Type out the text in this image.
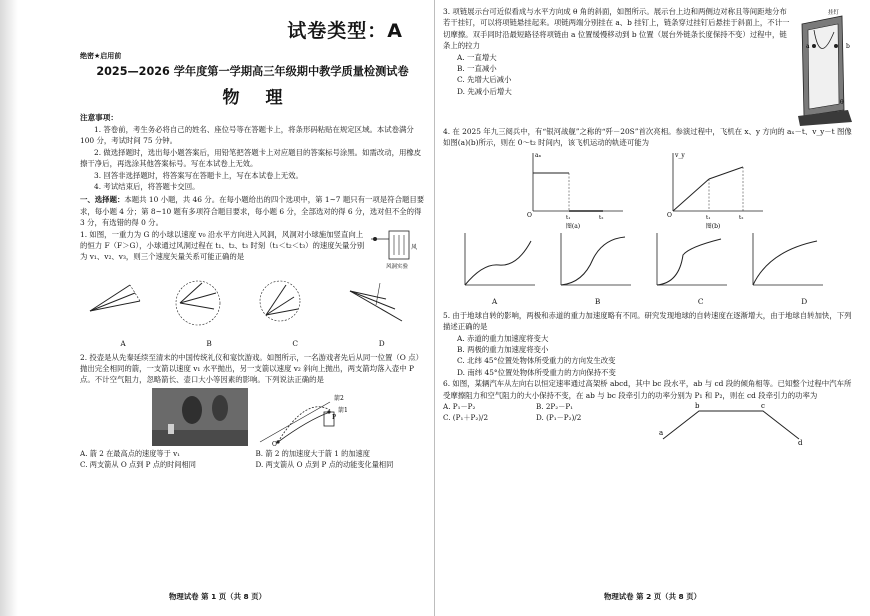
试卷类型：A
绝密★启用前
2025—2026 学年度第一学期高三年级期中教学质量检测试卷
物理
注意事项：

1. 答卷前，考生务必将自己的姓名、座位号等在答题卡上，将条形码粘贴在规定区域。本试卷满分 100 分，考试时间 75 分钟。

2. 做选择题时，选出每小题答案后，用铅笔把答题卡上对应题目的答案标号涂黑。如需改动，用橡皮擦干净后，再选涂其他答案标号。写在本试卷上无效。

3. 回答非选择题时，将答案写在答题卡上，写在本试卷上无效。

4. 考试结束后，将答题卡交回。

一、选择题：本题共 10 小题，共 46 分。在每小题给出的四个选项中，第 1~7 题只有一项是符合题目要求，每小题 4 分；第 8~10 题有多项符合题目要求，每小题 6 分，全部选对的得 6 分，选对但不全的得 3 分，有选错的得 0 分。

1. 如图，一重力为 G 的小球以速度 v₀ 沿水平方向进入风洞，风洞对小球施加竖直向上的恒力 F（F＞G），小球通过风洞过程在 t₁、t₂、t₃ 时刻（t₁＜t₂＜t₃）的速度矢量分别为 v₁、v₂、v₃，则三个速度矢量关系可能正确的是

风
风洞实验
A	B	C	D

2. 投壶是从先秦延续至清末的中国传统礼仪和宴饮游戏。如图所示，一名游戏者先后从同一位置（O 点）抛出完全相同的箭，一支箭以速度 v₁ 水平抛出，另一支箭以速度 v₂ 斜向上抛出，两支箭均落入壶中 P 点。不计空气阻力，忽略箭长、壶口大小等因素的影响。下列说法正确的是

O
P
箭2
箭1
A. 箭 2 在最高点的速度等于 v₁	B. 箭 2 的加速度大于箭 1 的加速度
C. 两支箭从 O 点到 P 点的时间相同	D. 两支箭从 O 点到 P 点的动能变化量相同
物理试卷 第 1 页（共 8 页）

3. 项链展示台可近似看成与水平方向成 θ 角的斜面，如图所示。展示台上边和两侧边对称且等间距地分布若干挂钉，可以将项链悬挂起来。项链两端分别挂在 a、b 挂钉上，链条穿过挂钉后悬挂于斜面上，不计一切摩擦。双手同时沿最短路径将项链由 a 位置缓慢移动到 b 位置（展台外链条长度保持不变）过程中，链条上的拉力

A. 一直增大

B. 一直减小

C. 先增大后减小

D. 先减小后增大

a	b
θ
挂钉

4. 在 2025 年九三阅兵中，有“银河战舰”之称的“歼－20S”首次亮相。参演过程中，飞机在 x、y 方向的 aₓ－t、v_y－t 图像如图(a)(b)所示，则在 0～t₂ 时间内，该飞机运动的轨迹可能为

aₓ
O	t₁	t₂
图(a)
v_y
O	t₁	t₂
图(b)
A	B	C	D

5. 由于地球自转的影响，两极和赤道的重力加速度略有不同。研究发现地球的自转速度在逐渐增大，由于地球自转加快，下列描述正确的是

A. 赤道的重力加速度将变大

B. 两极的重力加速度将变小

C. 北纬 45°位置处物体所受重力的方向发生改变

D. 南纬 45°位置处物体所受重力的方向保持不变

6. 如图，某辆汽车从左向右以恒定速率通过高架桥 abcd，其中 bc 段水平，ab 与 cd 段的倾角相等。已知整个过程中汽车所受摩擦阻力和空气阻力的大小保持不变，在 ab 与 bc 段牵引力的功率分别为 P₁ 和 P₂，则在 cd 段牵引力的功率为

A. P₁－P₂	B. 2P₂－P₁
C. (P₁＋P₂)/2	D. (P₁－P₂)/2
a
b	c
d
物理试卷 第 2 页（共 8 页）
